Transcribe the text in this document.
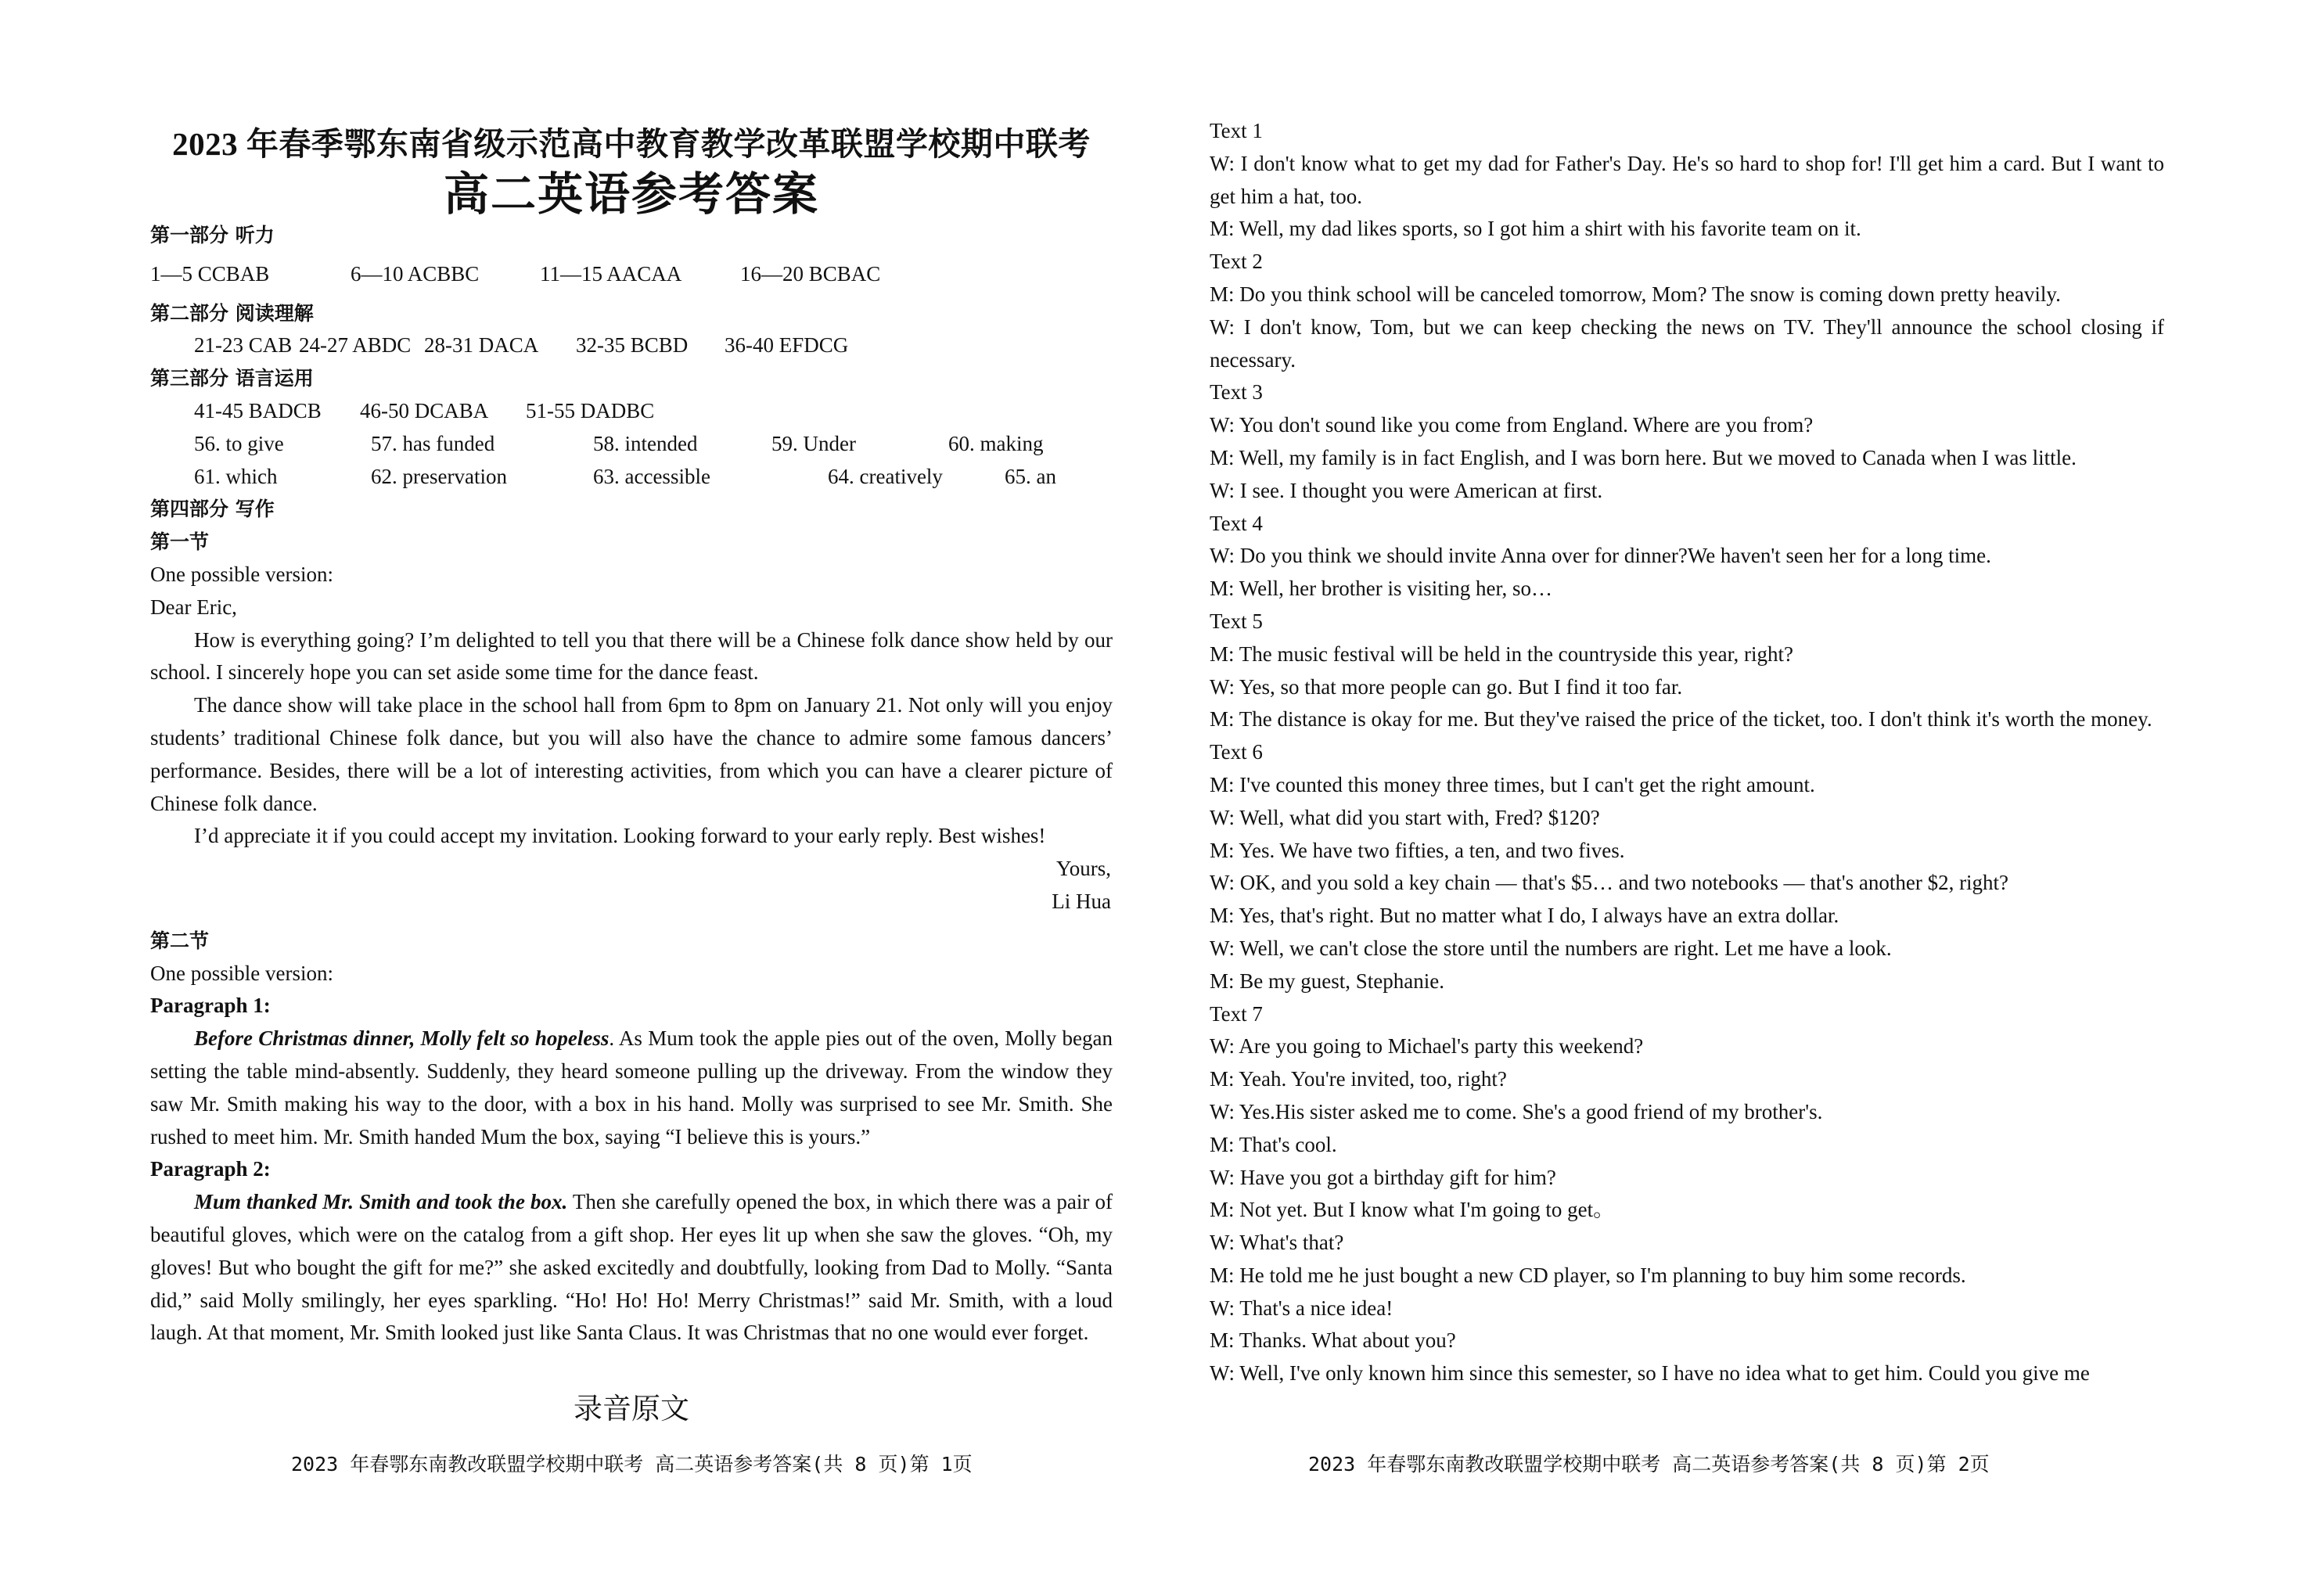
2023 年春季鄂东南省级示范高中教育教学改革联盟学校期中联考
高二英语参考答案
第一部分 听力
1—5 CCBAB	6—10 ACBBC	11—15 AACAA	16—20 BCBAC
第二部分 阅读理解
21-23 CAB 24-27 ABDC 28-31 DACA 32-35 BCBD 36-40 EFDCG
第三部分 语言运用
41-45 BADCB 46-50 DCABA 51-55 DADBC
56. to give	57. has funded	58. intended	59. Under	60. making
61. which	62. preservation	63. accessible	64. creatively	65. an
第四部分 写作
第一节
One possible version:
Dear Eric,
How is everything going? I’m delighted to tell you that there will be a Chinese folk dance show held by our school. I sincerely hope you can set aside some time for the dance feast.
The dance show will take place in the school hall from 6pm to 8pm on January 21. Not only will you enjoy students’ traditional Chinese folk dance, but you will also have the chance to admire some famous dancers’ performance. Besides, there will be a lot of interesting activities, from which you can have a clearer picture of Chinese folk dance.
I’d appreciate it if you could accept my invitation. Looking forward to your early reply. Best wishes!
Yours,
Li Hua
第二节
One possible version:
Paragraph 1:
Before Christmas dinner, Molly felt so hopeless. As Mum took the apple pies out of the oven, Molly began setting the table mind-absently. Suddenly, they heard someone pulling up the driveway. From the window they saw Mr. Smith making his way to the door, with a box in his hand. Molly was surprised to see Mr. Smith. She rushed to meet him. Mr. Smith handed Mum the box, saying “I believe this is yours.”
Paragraph 2:
Mum thanked Mr. Smith and took the box. Then she carefully opened the box, in which there was a pair of beautiful gloves, which were on the catalog from a gift shop. Her eyes lit up when she saw the gloves. “Oh, my gloves! But who bought the gift for me?” she asked excitedly and doubtfully, looking from Dad to Molly. “Santa did,” said Molly smilingly, her eyes sparkling. “Ho! Ho! Ho! Merry Christmas!” said Mr. Smith, with a loud laugh. At that moment, Mr. Smith looked just like Santa Claus. It was Christmas that no one would ever forget.
录音原文
2023 年春鄂东南教改联盟学校期中联考 高二英语参考答案(共 8 页)第 1页
Text 1
W: I don't know what to get my dad for Father's Day. He's so hard to shop for! I'll get him a card. But I want to get him a hat, too.
M: Well, my dad likes sports, so I got him a shirt with his favorite team on it.
Text 2
M: Do you think school will be canceled tomorrow, Mom? The snow is coming down pretty heavily.
W: I don't know, Tom, but we can keep checking the news on TV. They'll announce the school closing if necessary.
Text 3
W: You don't sound like you come from England. Where are you from?
M: Well, my family is in fact English, and I was born here. But we moved to Canada when I was little.
W: I see. I thought you were American at first.
Text 4
W: Do you think we should invite Anna over for dinner?We haven't seen her for a long time.
M: Well, her brother is visiting her, so…
Text 5
M: The music festival will be held in the countryside this year, right?
W: Yes, so that more people can go. But I find it too far.
M: The distance is okay for me. But they've raised the price of the ticket, too. I don't think it's worth the money.
Text 6
M: I've counted this money three times, but I can't get the right amount.
W: Well, what did you start with, Fred? $120?
M: Yes. We have two fifties, a ten, and two fives.
W: OK, and you sold a key chain — that's $5… and two notebooks — that's another $2, right?
M: Yes, that's right. But no matter what I do, I always have an extra dollar.
W: Well, we can't close the store until the numbers are right. Let me have a look.
M: Be my guest, Stephanie.
Text 7
W: Are you going to Michael's party this weekend?
M: Yeah. You're invited, too, right?
W: Yes.His sister asked me to come. She's a good friend of my brother's.
M: That's cool.
W: Have you got a birthday gift for him?
M: Not yet. But I know what I'm going to get。
W: What's that?
M: He told me he just bought a new CD player, so I'm planning to buy him some records.
W: That's a nice idea!
M: Thanks. What about you?
W: Well, I've only known him since this semester, so I have no idea what to get him. Could you give me
2023 年春鄂东南教改联盟学校期中联考 高二英语参考答案(共 8 页)第 2页
